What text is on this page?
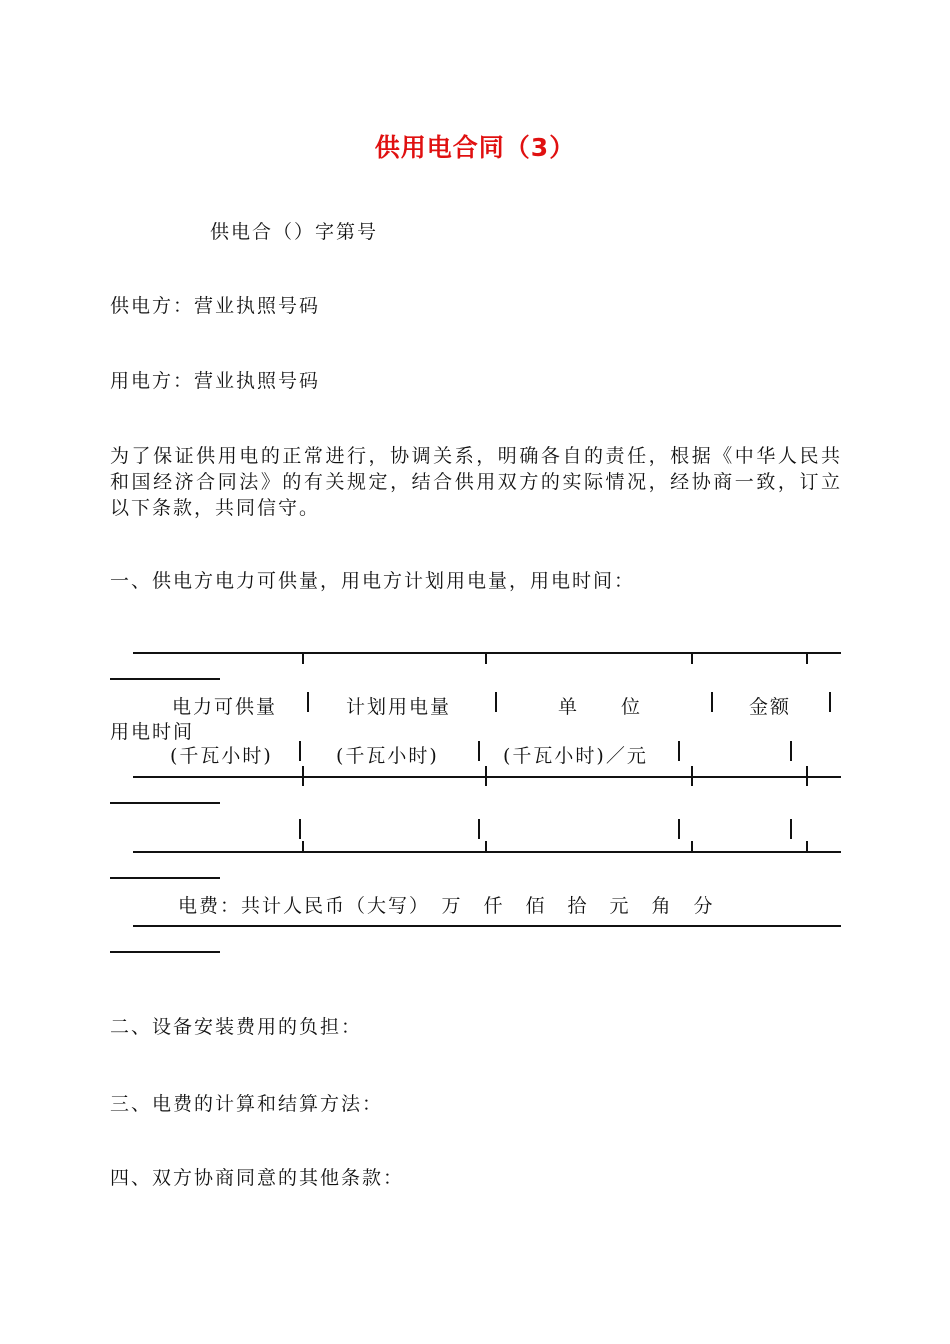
供用电合同（3）
供电合（）字第号
供电方：营业执照号码
用电方：营业执照号码
为了保证供用电的正常进行，协调关系，明确各自的责任，根据《中华人民共和国经济合同法》的有关规定，结合供用双方的实际情况，经协商一致，订立以下条款，共同信守。
一、供电方电力可供量，用电方计划用电量，用电时间：
电力可供量	计划用电量	单　　位	金额
用电时间
(千瓦小时)	(千瓦小时)	(千瓦小时)／元
电费：共计人民币（大写）　万　仟　佰　拾　元　角　分
二、设备安装费用的负担：
三、电费的计算和结算方法：
四、双方协商同意的其他条款：
